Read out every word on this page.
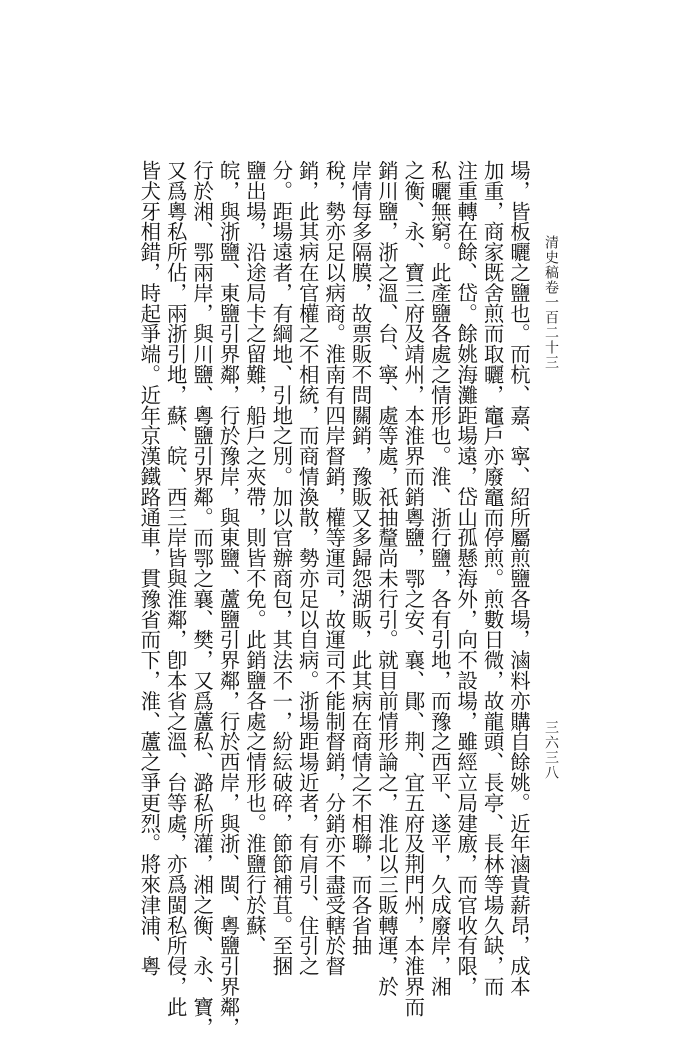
清史稿卷一百二十三
三六三八
場，皆板曬之鹽也。而杭、嘉、寧、紹所屬煎鹽各場，滷料亦購自餘姚。近年滷貴薪昂，成本
加重，商家既舍煎而取曬，竈戶亦廢竈而停煎。煎數日微，故龍頭、長亭、長林等場久缺，而
注重轉在餘、岱。餘姚海灘距場遠，岱山孤懸海外，向不設場，雖經立局建廒，而官收有限，
私曬無窮。此產鹽各處之情形也。淮、浙行鹽，各有引地，而豫之西平、遂平，久成廢岸，湘
之衡、永、寶三府及靖州，本淮界而銷粵鹽，鄂之安、襄、鄖、荆、宜五府及荆門州，本淮界而
銷川鹽，浙之溫、台、寧、處等處，祇抽釐尚未行引。就目前情形論之，淮北以三販轉運，於
岸情每多隔膜，故票販不問關銷，豫販又多歸怨湖販，此其病在商情之不相聯，而各省抽
稅，勢亦足以病商。淮南有四岸督銷，權等運司，故運司不能制督銷，分銷亦不盡受轄於督
銷，此其病在官權之不相統，而商情渙散，勢亦足以自病。浙場距場近者，有肩引、住引之
分。距場遠者，有綱地、引地之別。加以官辦商包，其法不一，紛紜破碎，節節補苴。至捆
鹽出場，沿途局卡之留難，船戶之夾帶，則皆不免。此銷鹽各處之情形也。淮鹽行於蘇、
皖，與浙鹽、東鹽引界鄰，行於豫岸，與東鹽、蘆鹽引界鄰，行於西岸，與浙、閩、粵鹽引界鄰，
行於湘、鄂兩岸，與川鹽、粵鹽引界鄰。而鄂之襄、樊，又爲蘆私、潞私所灌，湘之衡、永、寶，
又爲粵私所佔，兩浙引地，蘇、皖、西三岸皆與淮鄰，卽本省之溫、台等處，亦爲閩私所侵，此
皆犬牙相錯，時起爭端。近年京漢鐵路通車，貫豫省而下，淮、蘆之爭更烈。將來津浦、粵
